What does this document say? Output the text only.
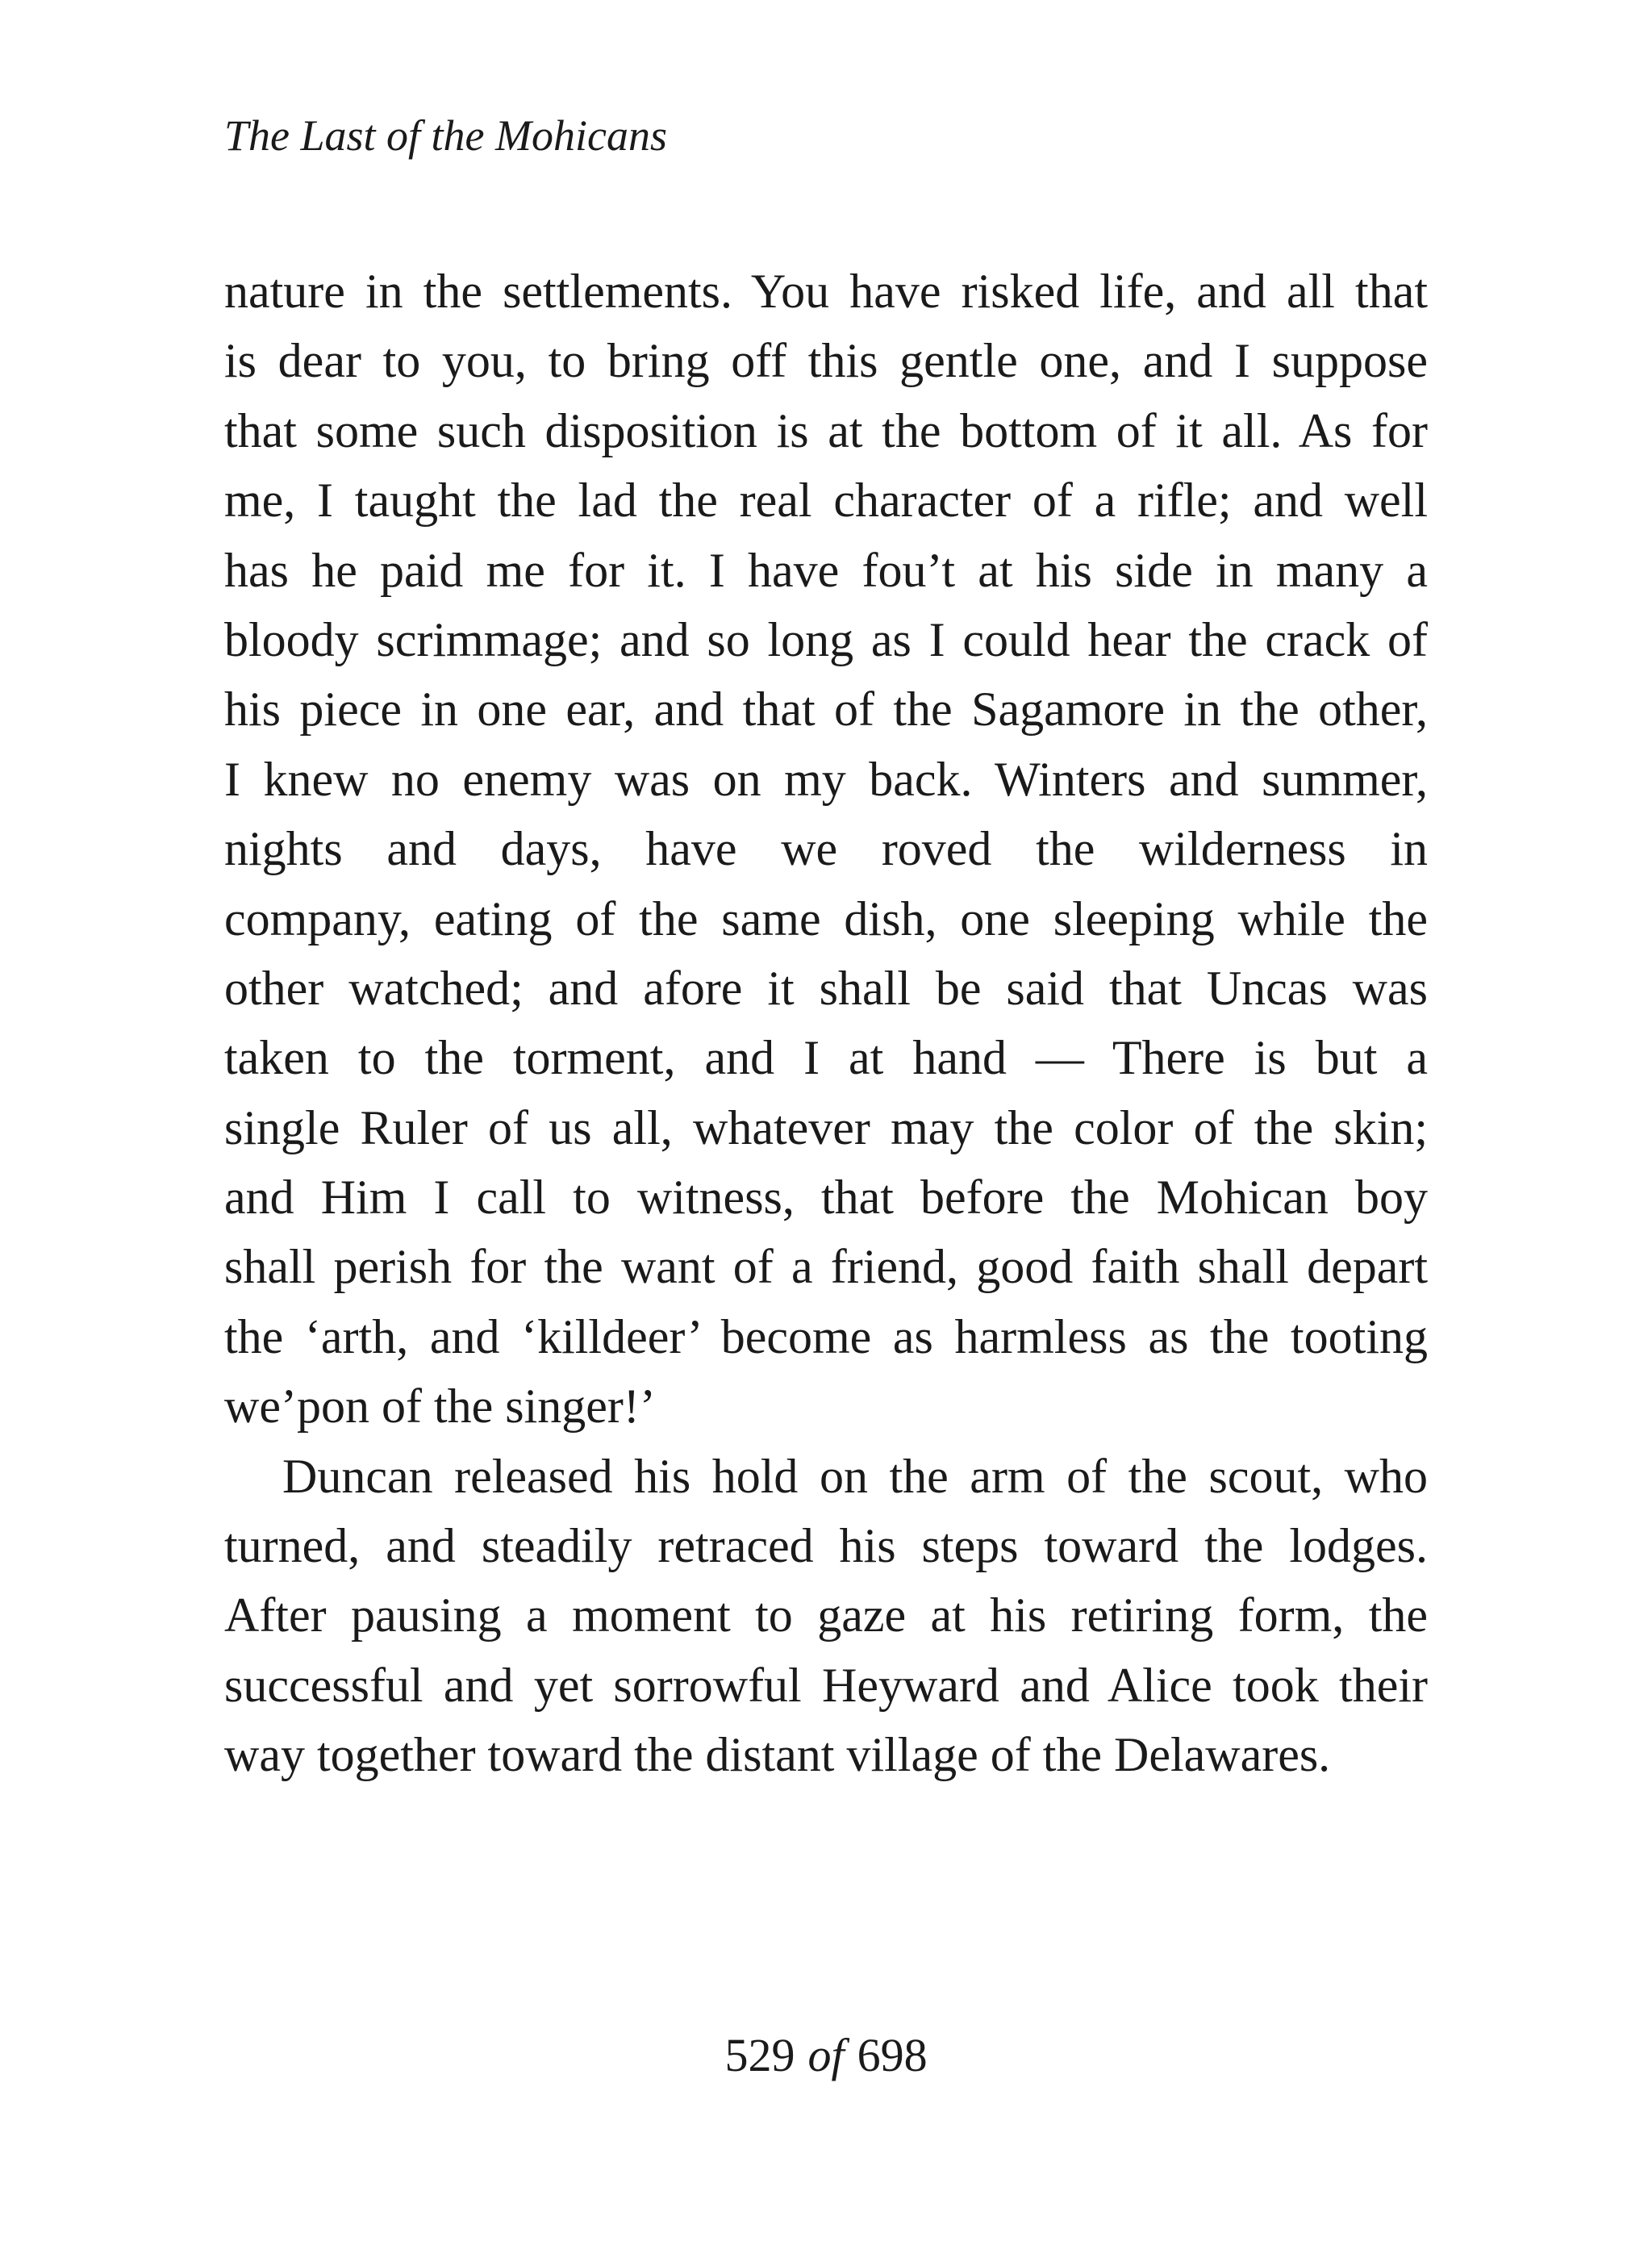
The Last of the Mohicans
nature in the settlements. You have risked life, and all that
is dear to you, to bring off this gentle one, and I suppose
that some such disposition is at the bottom of it all. As for
me, I taught the lad the real character of a rifle; and well
has he paid me for it. I have fou’t at his side in many a
bloody scrimmage; and so long as I could hear the crack of
his piece in one ear, and that of the Sagamore in the other,
I knew no enemy was on my back. Winters and summer,
nights and days, have we roved the wilderness in
company, eating of the same dish, one sleeping while the
other watched; and afore it shall be said that Uncas was
taken to the torment, and I at hand — There is but a
single Ruler of us all, whatever may the color of the skin;
and Him I call to witness, that before the Mohican boy
shall perish for the want of a friend, good faith shall depart
the ‘arth, and ‘killdeer’ become as harmless as the tooting
we’pon of the singer!’
Duncan released his hold on the arm of the scout, who
turned, and steadily retraced his steps toward the lodges.
After pausing a moment to gaze at his retiring form, the
successful and yet sorrowful Heyward and Alice took their
way together toward the distant village of the Delawares.
529 of 698
